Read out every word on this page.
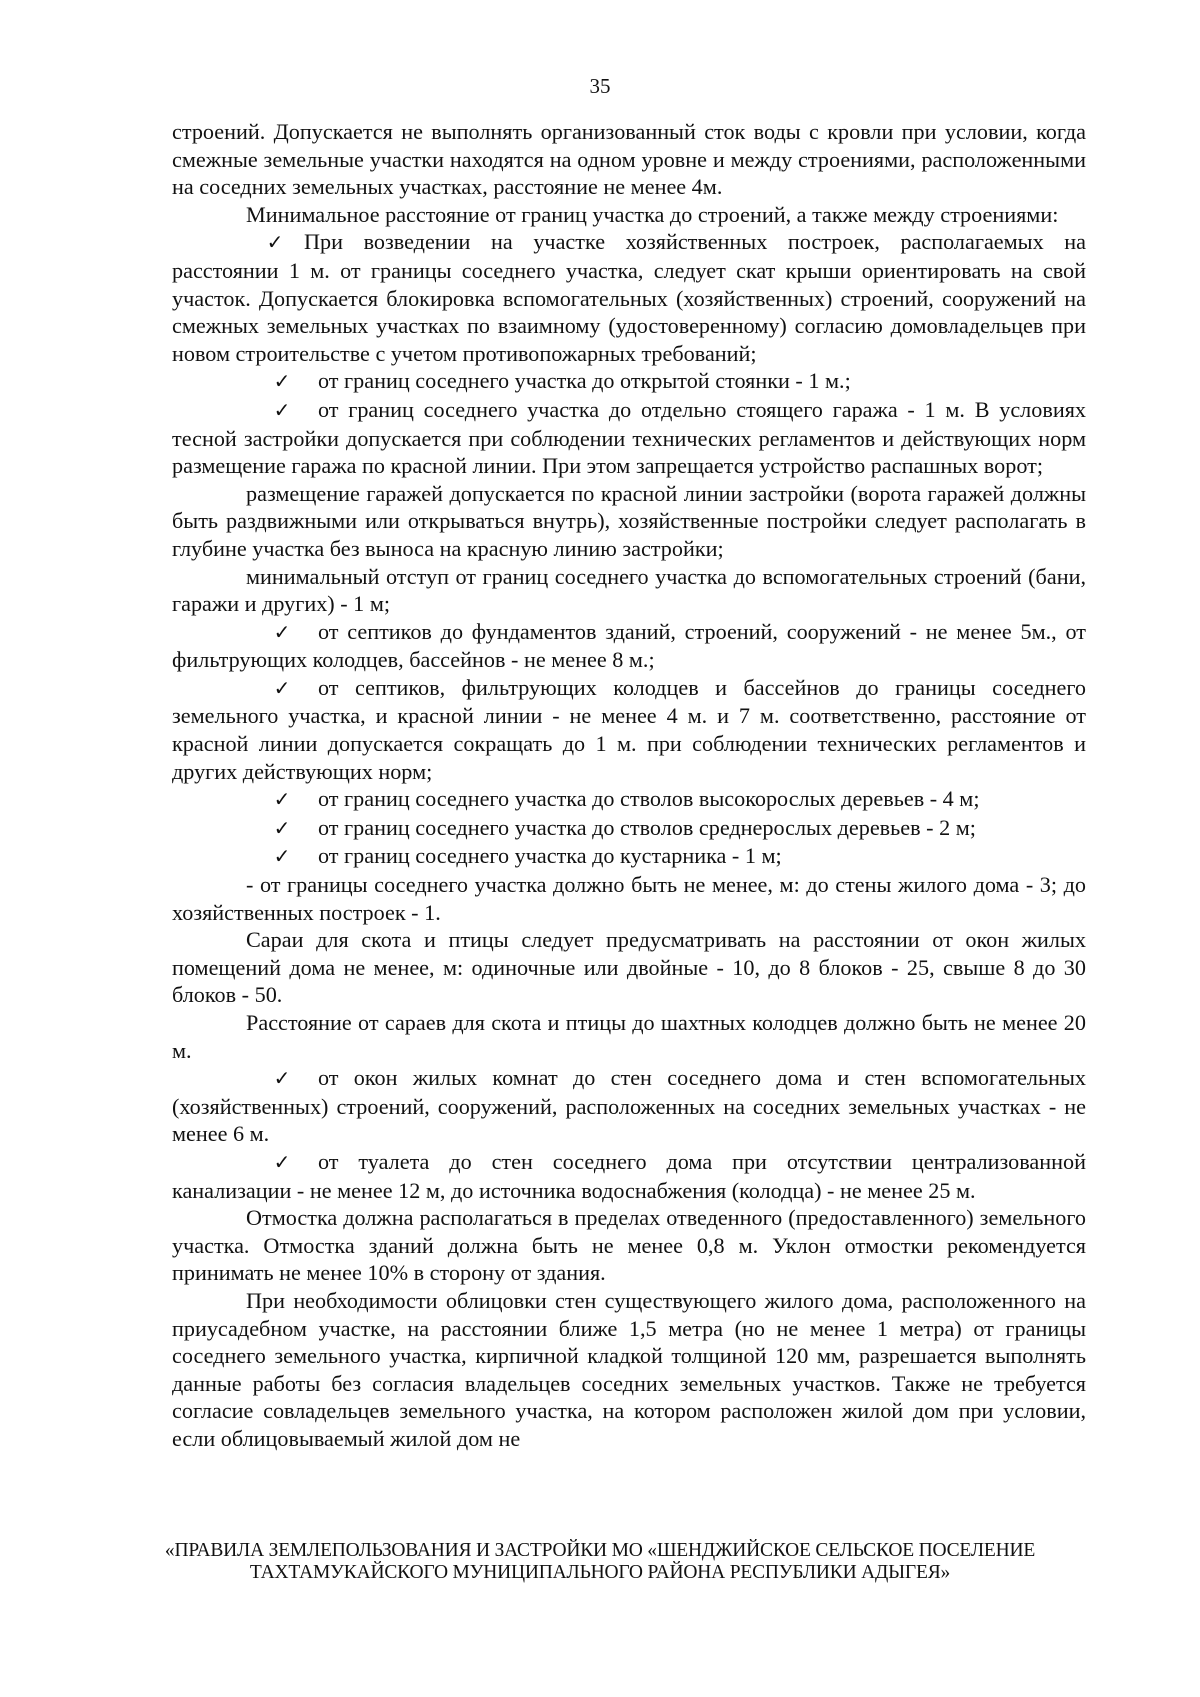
35

строений. Допускается не выполнять организованный сток воды с кровли при условии, когда смежные земельные участки находятся на одном уровне и между строениями, расположенными на соседних земельных участках, расстояние не менее 4м.

Минимальное расстояние от границ участка до строений, а также между строениями:

✓ При возведении на участке хозяйственных построек, располагаемых на расстоянии 1 м. от границы соседнего участка, следует скат крыши ориентировать на свой участок. Допускается блокировка вспомогательных (хозяйственных) строений, сооружений на смежных земельных участках по взаимному (удостоверенному) согласию домовладельцев при новом строительстве с учетом противопожарных требований;

✓ от границ соседнего участка до открытой стоянки - 1 м.;

✓ от границ соседнего участка до отдельно стоящего гаража - 1 м. В условиях тесной застройки допускается при соблюдении технических регламентов и действующих норм размещение гаража по красной линии. При этом запрещается устройство распашных ворот;

размещение гаражей допускается по красной линии застройки (ворота гаражей должны быть раздвижными или открываться внутрь), хозяйственные постройки следует располагать в глубине участка без выноса на красную линию застройки;

минимальный отступ от границ соседнего участка до вспомогательных строений (бани, гаражи и других) - 1 м;

✓ от септиков до фундаментов зданий, строений, сооружений - не менее 5м., от фильтрующих колодцев, бассейнов - не менее 8 м.;

✓ от септиков, фильтрующих колодцев и бассейнов до границы соседнего земельного участка, и красной линии - не менее 4 м. и 7 м. соответственно, расстояние от красной линии допускается сокращать до 1 м. при соблюдении технических регламентов и других действующих норм;

✓ от границ соседнего участка до стволов высокорослых деревьев - 4 м;

✓ от границ соседнего участка до стволов среднерослых деревьев - 2 м;

✓ от границ соседнего участка до кустарника - 1 м;

- от границы соседнего участка должно быть не менее, м: до стены жилого дома - 3; до хозяйственных построек - 1.

Сараи для скота и птицы следует предусматривать на расстоянии от окон жилых помещений дома не менее, м: одиночные или двойные - 10, до 8 блоков - 25, свыше 8 до 30 блоков - 50.

Расстояние от сараев для скота и птицы до шахтных колодцев должно быть не менее 20 м.

✓ от окон жилых комнат до стен соседнего дома и стен вспомогательных (хозяйственных) строений, сооружений, расположенных на соседних земельных участках - не менее 6 м.

✓ от туалета до стен соседнего дома при отсутствии централизованной канализации - не менее 12 м, до источника водоснабжения (колодца) - не менее 25 м.

Отмостка должна располагаться в пределах отведенного (предоставленного) земельного участка. Отмостка зданий должна быть не менее 0,8 м. Уклон отмостки рекомендуется принимать не менее 10% в сторону от здания.

При необходимости облицовки стен существующего жилого дома, расположенного на приусадебном участке, на расстоянии ближе 1,5 метра (но не менее 1 метра) от границы соседнего земельного участка, кирпичной кладкой толщиной 120 мм, разрешается выполнять данные работы без согласия владельцев соседних земельных участков. Также не требуется согласие совладельцев земельного участка, на котором расположен жилой дом при условии, если облицовываемый жилой дом не

«ПРАВИЛА ЗЕМЛЕПОЛЬЗОВАНИЯ И ЗАСТРОЙКИ МО «ШЕНДЖИЙСКОЕ СЕЛЬСКОЕ ПОСЕЛЕНИЕ
ТАХТАМУКАЙСКОГО МУНИЦИПАЛЬНОГО РАЙОНА РЕСПУБЛИКИ АДЫГЕЯ»
